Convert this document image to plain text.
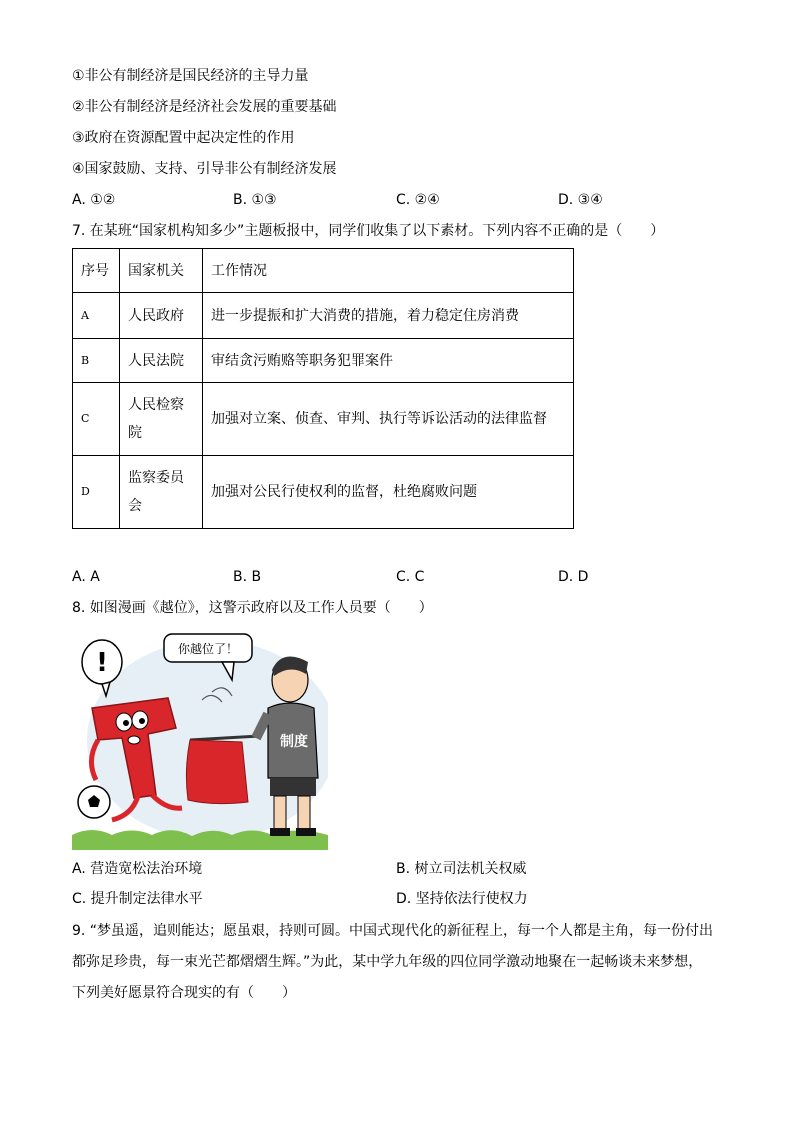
①非公有制经济是国民经济的主导力量
②非公有制经济是经济社会发展的重要基础
③政府在资源配置中起决定性的作用
④国家鼓励、支持、引导非公有制经济发展
A. ①②	B. ①③	C. ②④	D. ③④
7. 在某班“国家机构知多少”主题板报中，同学们收集了以下素材。下列内容不正确的是（　　）
序号	国家机关	工作情况
A	人民政府	进一步提振和扩大消费的措施，着力稳定住房消费
B	人民法院	审结贪污贿赂等职务犯罪案件
C	人民检察院	加强对立案、侦查、审判、执行等诉讼活动的法律监督
D	监察委员会	加强对公民行使权利的监督，杜绝腐败问题
A. A	B. B	C. C	D. D
8. 如图漫画《越位》，这警示政府以及工作人员要（　　）
!	你越位了！
制度
A. 营造宽松法治环境	B. 树立司法机关权威
C. 提升制定法律水平	D. 坚持依法行使权力
9. “梦虽遥，追则能达；愿虽艰，持则可圆。中国式现代化的新征程上，每一个人都是主角，每一份付出
都弥足珍贵，每一束光芒都熠熠生辉。”为此，某中学九年级的四位同学激动地聚在一起畅谈未来梦想，
下列美好愿景符合现实的有（　　）
